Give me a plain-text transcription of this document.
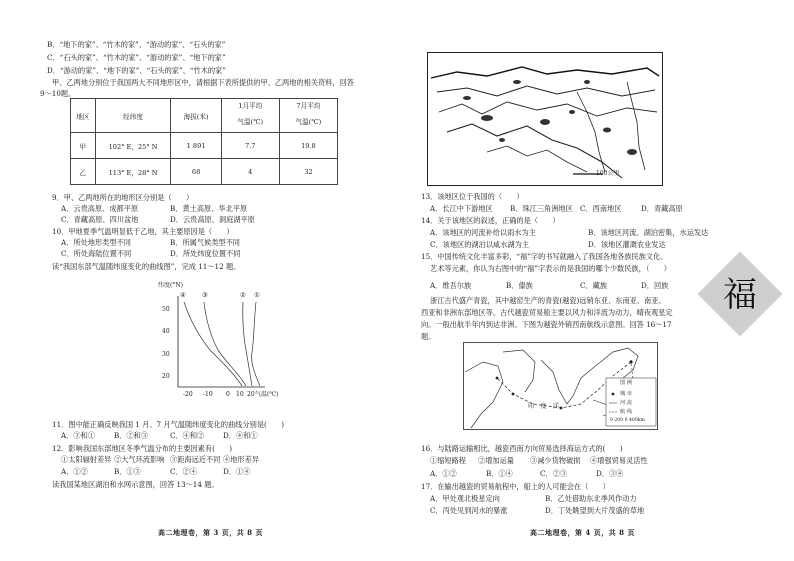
B．“地下的家”、“竹木的家”、“游动的家”、“石头的家”
C．“石头的家”、“竹木的家”、“游动的家”、“地下的家”
D．“游动的家”、“地下的家”、“石头的家”、“竹木的家”
甲、乙两地分别位于我国两大不同地形区中，请根据下表所提供的甲、乙两地的相关资料，回答
9～10题。
地区	经纬度	海拔(米)	1月平均	7月平均
			气温(℃)	气温(℃)
甲	102° E，25° N	1 891	7.7	19.8
乙	113° E，28° N	68	4	32
9．甲、乙两地所在的地形区分别是（　　）
A．云贵高原、成都平原	B．黄土高原、华北平原
C．青藏高原、四川盆地	D．云贵高原、洞庭湖平原
10．甲地夏季气温明显低于乙地，其主要原因是（　　）
A．所处地形类型不同	B．所属气候类型不同
C．所处海陆位置不同	D．所处纬度位置不同
读“我国东部气温随纬度变化的曲线图”，完成 11～12 题。
纬度(°N)
④	③	② ①
50
40
30
20
-20 -10 0 10 20 气温(℃)
11．图中能正确反映我国 1 月、7 月气温随纬度变化的曲线分别是(　　)
A．③和①	B．②和③	C．④和②	D．④和①
12．影响我国东部地区冬季气温分布的主要因素有(　　)
①太阳辐射差异 ②大气环流影响 ③距海远近不同 ④地形差异
A．①②	B．①③	C．②④	D．①④
读我国某地区湖泊和水网示意图，回答 13～14 题。
高二地理卷，第 3 页，共 8 页
100公里
13．该地区位于我国的（　　）
A．长江中下游地区 B．珠江三角洲地区 C．西南地区	D．青藏高原
14．关于该地区的叙述，正确的是（　　）
A．该地区的河流补给以雨水为主	B．该地区河流、湖泊密集，水运发达
C．该地区的湖泊以咸水湖为主	D．该地区灌溉农业发达
15．中国传统文化丰富多彩，“福”字的书写就融入了我国各地各族民族文化、
艺术等元素，你认为右图中的“福”字表示的是我国的哪个少数民族，（　　）
A．维吾尔族	B．傣族	C．藏族	D．回族 福
浙江古代盛产青瓷，其中越窑生产的青瓷(越瓷)远销东亚、东南亚、南亚、
西亚和非洲东部地区等。古代越瓷贸易船主要以风力和洋流为动力，晴夜观星定
向。一般出航半年内到达非洲。下图为越瓷外销西南航线示意图。回答 16～17
题。
印　度　洋
图 例
城 市
河 流
航 线
0 200 0 400km
16．与陆路运输相比，越瓷西南方向贸易选择海运方式的(　　)
①缩短路程 ②增加运量 ③减少货物破损 ④增强贸易灵活性
A．①②	B．①④	C．②③	D．③④
17．在输出越瓷的贸易航程中，船上的人可能会在（　　）
A．甲处观北极星定向	B．乙处借助东北季风作动力
C．丙处见到河水的暴涨	D．丁处眺望到大片茂盛的草地
高二地理卷，第 4 页，共 8 页
